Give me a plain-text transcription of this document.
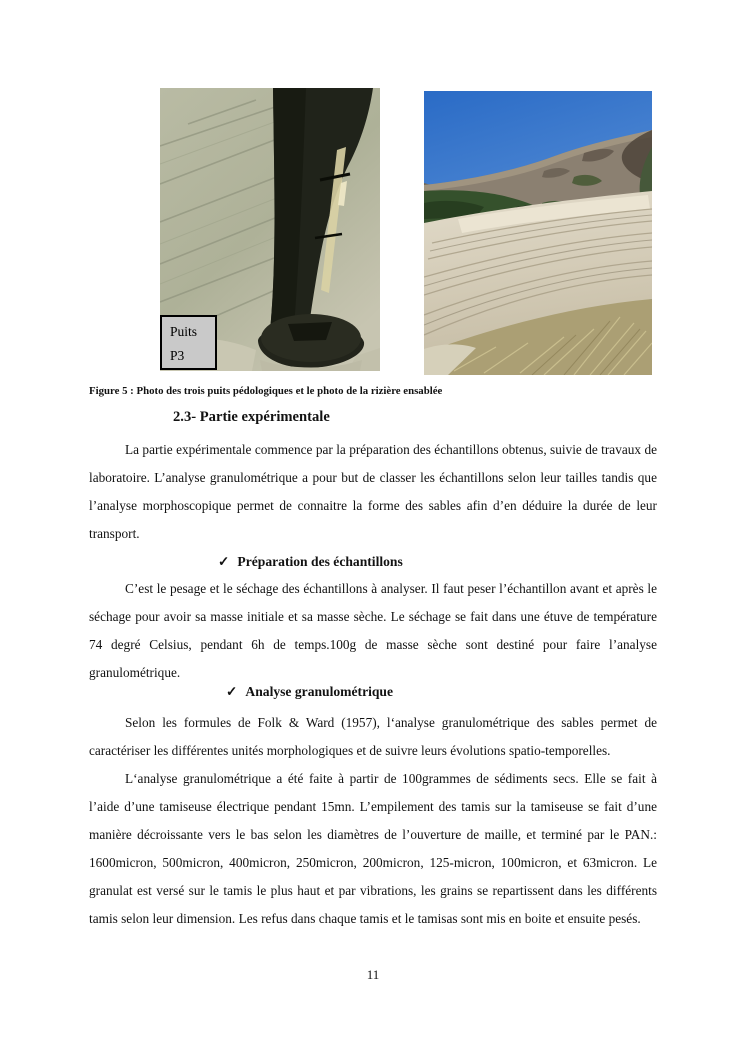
Puits
P3
Figure 5 : Photo des trois puits pédologiques et le photo de la rizière ensablée
2.3- Partie expérimentale
La partie expérimentale commence par la préparation des échantillons obtenus, suivie de travaux de laboratoire. L’analyse granulométrique a pour but de classer les échantillons selon leur tailles tandis que l’analyse morphoscopique permet de connaitre la forme des sables afin d’en déduire la durée de leur transport.
✓ Préparation des échantillons
C’est le pesage et le séchage des échantillons à analyser. Il faut peser l’échantillon avant et après le séchage pour avoir sa masse initiale et sa masse sèche. Le séchage se fait dans une étuve de température 74 degré Celsius, pendant 6h de temps.100g de masse sèche sont destiné pour faire l’analyse granulométrique.
✓ Analyse granulométrique
Selon les formules de Folk & Ward (1957), l‘analyse granulométrique des sables permet de caractériser les différentes unités morphologiques et de suivre leurs évolutions spatio-temporelles.
L‘analyse granulométrique a été faite à partir de 100grammes de sédiments secs. Elle se fait à l’aide d’une tamiseuse électrique pendant 15mn. L’empilement des tamis sur la tamiseuse se fait d’une manière décroissante vers le bas selon les diamètres de l’ouverture de maille, et terminé par le PAN.: 1600micron, 500micron, 400micron, 250micron, 200micron, 125-micron, 100micron, et 63micron. Le granulat est versé sur le tamis le plus haut et par vibrations, les grains se repartissent dans les différents tamis selon leur dimension. Les refus dans chaque tamis et le tamisas sont mis en boite et ensuite pesés.
11
